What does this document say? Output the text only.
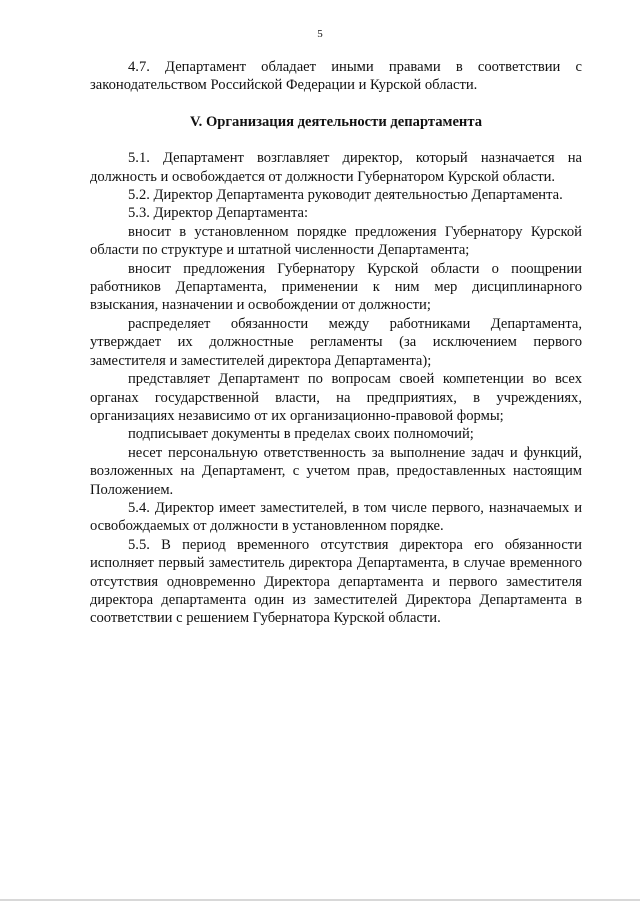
5

4.7. Департамент обладает иными правами в соответствии с законодательством Российской Федерации и Курской области.

V. Организация деятельности департамента

5.1. Департамент возглавляет директор, который назначается на должность и освобождается от должности Губернатором Курской области.

5.2. Директор Департамента руководит деятельностью Департамента.

5.3. Директор Департамента:

вносит в установленном порядке предложения Губернатору Курской области по структуре и штатной численности Департамента;

вносит предложения Губернатору Курской области о поощрении работников Департамента, применении к ним мер дисциплинарного взыскания, назначении и освобождении от должности;

распределяет обязанности между работниками Департамента, утверждает их должностные регламенты (за исключением первого заместителя и заместителей директора Департамента);

представляет Департамент по вопросам своей компетенции во всех органах государственной власти, на предприятиях, в учреждениях, организациях независимо от их организационно-правовой формы;

подписывает документы в пределах своих полномочий;

несет персональную ответственность за выполнение задач и функций, возложенных на Департамент, с учетом прав, предоставленных настоящим Положением.

5.4. Директор имеет заместителей, в том числе первого, назначаемых и освобождаемых от должности в установленном порядке.

5.5. В период временного отсутствия директора его обязанности исполняет первый заместитель директора Департамента, в случае временного отсутствия одновременно Директора департамента и первого заместителя директора департамента один из заместителей Директора Департамента в соответствии с решением Губернатора Курской области.
